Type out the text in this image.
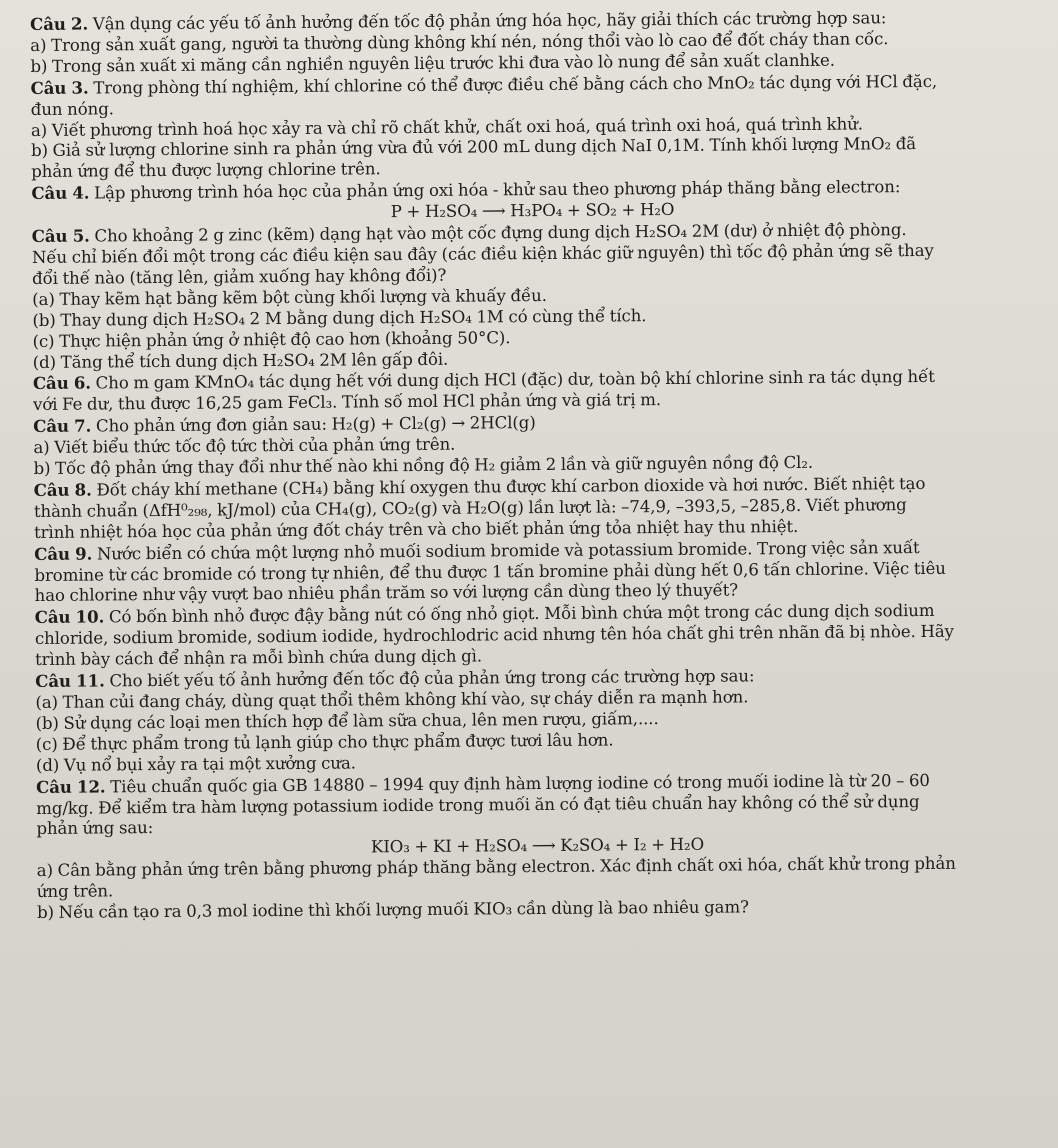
Câu 2. Vận dụng các yếu tố ảnh hưởng đến tốc độ phản ứng hóa học, hãy giải thích các trường hợp sau:

a) Trong sản xuất gang, người ta thường dùng không khí nén, nóng thổi vào lò cao để đốt cháy than cốc.

b) Trong sản xuất xi măng cần nghiền nguyên liệu trước khi đưa vào lò nung để sản xuất clanhke.

Câu 3. Trong phòng thí nghiệm, khí chlorine có thể được điều chế bằng cách cho MnO₂ tác dụng với HCl đặc,

đun nóng.

a) Viết phương trình hoá học xảy ra và chỉ rõ chất khử, chất oxi hoá, quá trình oxi hoá, quá trình khử.

b) Giả sử lượng chlorine sinh ra phản ứng vừa đủ với 200 mL dung dịch NaI 0,1M. Tính khối lượng MnO₂ đã

phản ứng để thu được lượng chlorine trên.

Câu 4. Lập phương trình hóa học của phản ứng oxi hóa - khử sau theo phương pháp thăng bằng electron:

P + H₂SO₄ ⟶ H₃PO₄ + SO₂ + H₂O

Câu 5. Cho khoảng 2 g zinc (kẽm) dạng hạt vào một cốc đựng dung dịch H₂SO₄ 2M (dư) ở nhiệt độ phòng.

Nếu chỉ biến đổi một trong các điều kiện sau đây (các điều kiện khác giữ nguyên) thì tốc độ phản ứng sẽ thay

đổi thế nào (tăng lên, giảm xuống hay không đổi)?

(a) Thay kẽm hạt bằng kẽm bột cùng khối lượng và khuấy đều.

(b) Thay dung dịch H₂SO₄ 2 M bằng dung dịch H₂SO₄ 1M có cùng thể tích.

(c) Thực hiện phản ứng ở nhiệt độ cao hơn (khoảng 50°C).

(d) Tăng thể tích dung dịch H₂SO₄ 2M lên gấp đôi.

Câu 6. Cho m gam KMnO₄ tác dụng hết với dung dịch HCl (đặc) dư, toàn bộ khí chlorine sinh ra tác dụng hết

với Fe dư, thu được 16,25 gam FeCl₃. Tính số mol HCl phản ứng và giá trị m.

Câu 7. Cho phản ứng đơn giản sau: H₂(g) + Cl₂(g) → 2HCl(g)

a) Viết biểu thức tốc độ tức thời của phản ứng trên.

b) Tốc độ phản ứng thay đổi như thế nào khi nồng độ H₂ giảm 2 lần và giữ nguyên nồng độ Cl₂.

Câu 8. Đốt cháy khí methane (CH₄) bằng khí oxygen thu được khí carbon dioxide và hơi nước. Biết nhiệt tạo

thành chuẩn (ΔfH⁰₂₉₈, kJ/mol) của CH₄(g), CO₂(g) và H₂O(g) lần lượt là: –74,9, –393,5, –285,8. Viết phương

trình nhiệt hóa học của phản ứng đốt cháy trên và cho biết phản ứng tỏa nhiệt hay thu nhiệt.

Câu 9. Nước biển có chứa một lượng nhỏ muối sodium bromide và potassium bromide. Trong việc sản xuất

bromine từ các bromide có trong tự nhiên, để thu được 1 tấn bromine phải dùng hết 0,6 tấn chlorine. Việc tiêu

hao chlorine như vậy vượt bao nhiêu phần trăm so với lượng cần dùng theo lý thuyết?

Câu 10. Có bốn bình nhỏ được đậy bằng nút có ống nhỏ giọt. Mỗi bình chứa một trong các dung dịch sodium

chloride, sodium bromide, sodium iodide, hydrochlodric acid nhưng tên hóa chất ghi trên nhãn đã bị nhòe. Hãy

trình bày cách để nhận ra mỗi bình chứa dung dịch gì.

Câu 11. Cho biết yếu tố ảnh hưởng đến tốc độ của phản ứng trong các trường hợp sau:

(a) Than củi đang cháy, dùng quạt thổi thêm không khí vào, sự cháy diễn ra mạnh hơn.

(b) Sử dụng các loại men thích hợp để làm sữa chua, lên men rượu, giấm,....

(c) Để thực phẩm trong tủ lạnh giúp cho thực phẩm được tươi lâu hơn.

(d) Vụ nổ bụi xảy ra tại một xưởng cưa.

Câu 12. Tiêu chuẩn quốc gia GB 14880 – 1994 quy định hàm lượng iodine có trong muối iodine là từ 20 – 60

mg/kg. Để kiểm tra hàm lượng potassium iodide trong muối ăn có đạt tiêu chuẩn hay không có thể sử dụng

phản ứng sau:

KIO₃ + KI + H₂SO₄ ⟶ K₂SO₄ + I₂ + H₂O

a) Cân bằng phản ứng trên bằng phương pháp thăng bằng electron. Xác định chất oxi hóa, chất khử trong phản

ứng trên.

b) Nếu cần tạo ra 0,3 mol iodine thì khối lượng muối KIO₃ cần dùng là bao nhiêu gam?
